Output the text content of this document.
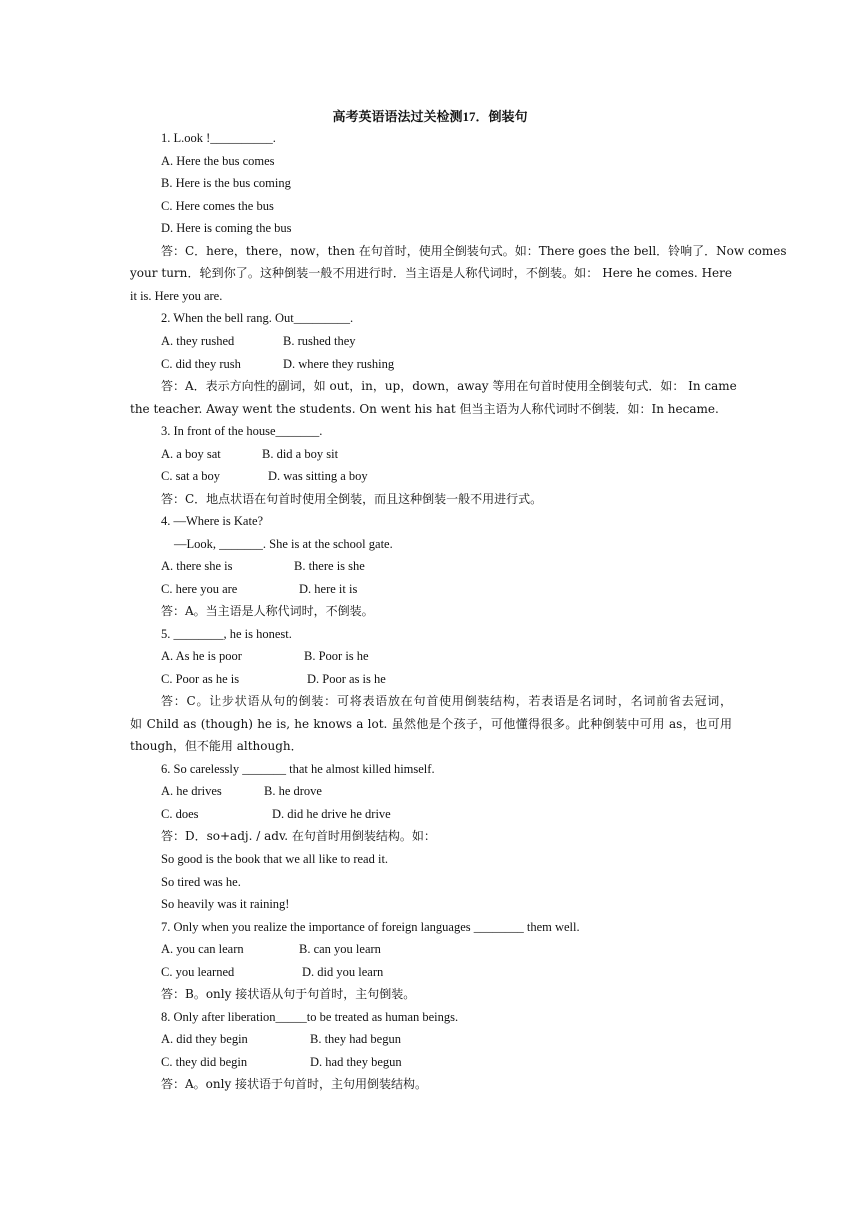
高考英语语法过关检测17．倒装句
1. L.ook !__________.
A. Here the bus comes
B. Here is the bus coming
C. Here comes the bus
D. Here is coming the bus
答：C．here，there，now，then 在句首时，使用全倒装句式。如：There goes the bell．铃响了．Now comes
your turn．轮到你了。这种倒装一般不用进行时．当主语是人称代词时，不倒装。如： Here he comes. Here
it is. Here you are.
2. When the bell rang. Out_________.
A. they rushed	B. rushed they
C. did they rush	D. where they rushing
答：A．表示方向性的副词，如 out，in，up，down，away 等用在句首时使用全倒装句式．如： In came
the teacher. Away went the students. On went his hat 但当主语为人称代词时不倒装．如：In hecame.
3. In front of the house_______.
A. a boy sat	B. did a boy sit
C. sat a boy	D. was sitting a boy
答：C．地点状语在句首时使用全倒装，而且这种倒装一般不用进行式。
4. —Where is Kate?
—Look, _______. She is at the school gate.
A. there she is	B. there is she
C. here you are	D. here it is
答：A。当主语是人称代词时，不倒装。
5. ________, he is honest.
A. As he is poor	B. Poor is he
C. Poor as he is	D. Poor as is he
答：C。让步状语从句的倒装：可将表语放在句首使用倒装结构，若表语是名词时，名词前省去冠词，
如 Child as (though) he is, he knows a lot. 虽然他是个孩子，可他懂得很多。此种倒装中可用 as，也可用
though，但不能用 although．
6. So carelessly _______ that he almost killed himself.
A. he drives	B. he drove
C. does	D. did he drive he drive
答：D．so+adj. / adv. 在句首时用倒装结构。如：
So good is the book that we all like to read it.
So tired was he.
So heavily was it raining!
7. Only when you realize the importance of foreign languages ________ them well.
A. you can learn	B. can you learn
C. you learned	D. did you learn
答：B。only 接状语从句于句首时，主句倒装。
8. Only after liberation_____to be treated as human beings.
A. did they begin	B. they had begun
C. they did begin	D. had they begun
答：A。only 接状语于句首时，主句用倒装结构。
